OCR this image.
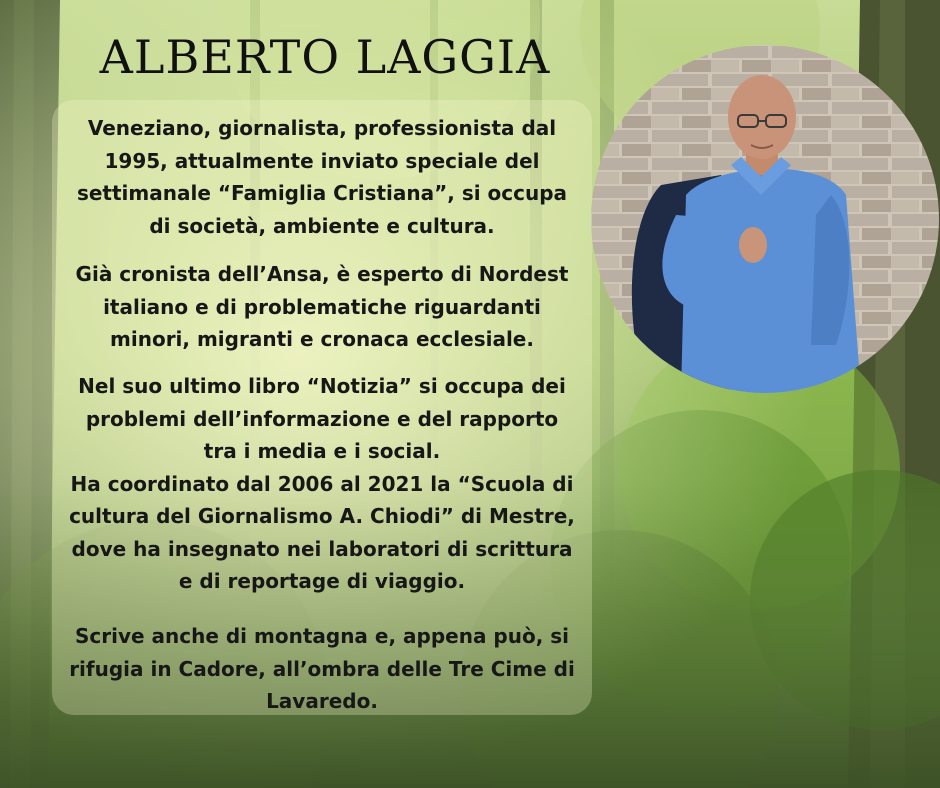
ALBERTO LAGGIA

Veneziano, giornalista, professionista dal
1995, attualmente inviato speciale del
settimanale “Famiglia Cristiana”, si occupa
di società, ambiente e cultura.

Già cronista dell’Ansa, è esperto di Nordest
italiano e di problematiche riguardanti
minori, migranti e cronaca ecclesiale.

Nel suo ultimo libro “Notizia” si occupa dei
problemi dell’informazione e del rapporto
tra i media e i social.
Ha coordinato dal 2006 al 2021 la “Scuola di
cultura del Giornalismo A. Chiodi” di Mestre,
dove ha insegnato nei laboratori di scrittura
e di reportage di viaggio.

Scrive anche di montagna e, appena può, si
rifugia in Cadore, all’ombra delle Tre Cime di
Lavaredo.
